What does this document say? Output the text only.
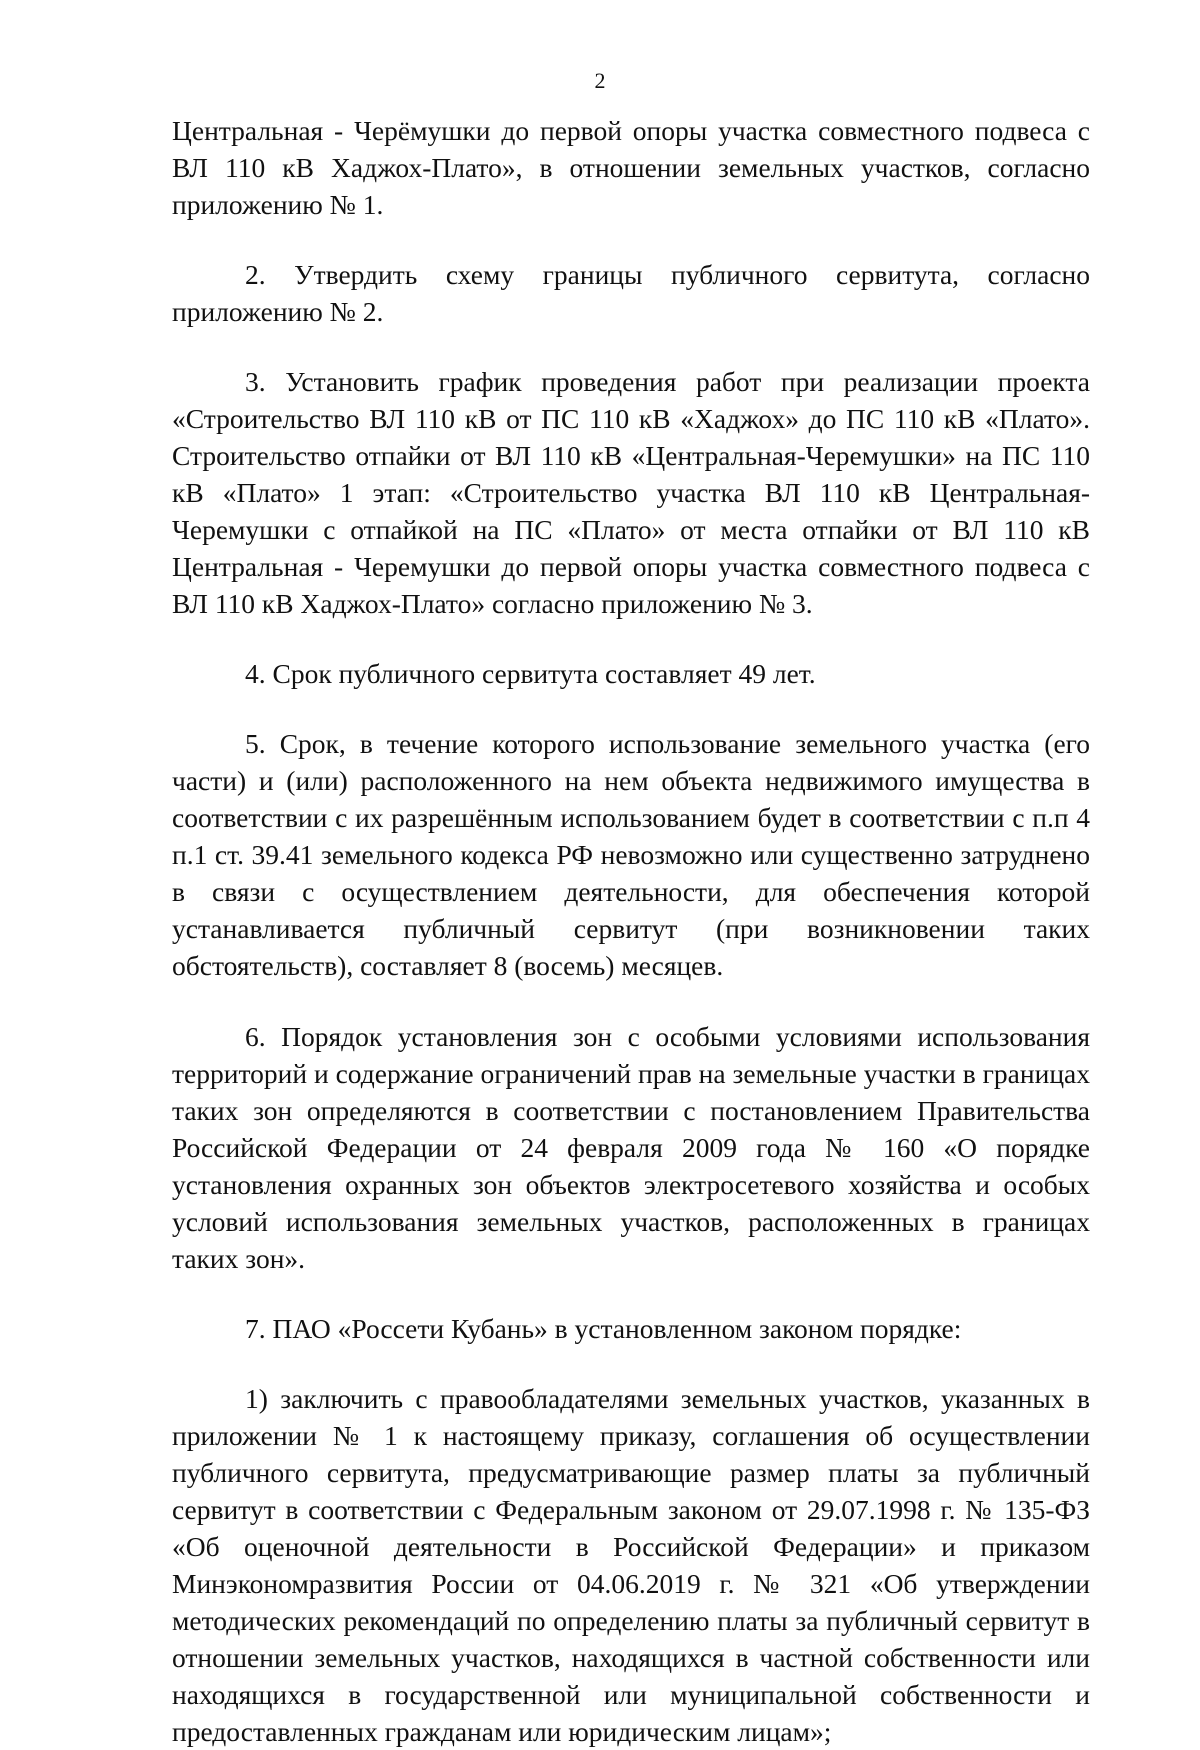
2

Центральная - Черёмушки до первой опоры участка совместного подвеса с ВЛ 110 кВ Хаджох-Плато», в отношении земельных участков, согласно приложению № 1.

2. Утвердить схему границы публичного сервитута, согласно приложению № 2.

3. Установить график проведения работ при реализации проекта «Строительство ВЛ 110 кВ от ПС 110 кВ «Хаджох» до ПС 110 кВ «Плато». Строительство отпайки от ВЛ 110 кВ «Центральная-Черемушки» на ПС 110 кВ «Плато» 1 этап: «Строительство участка ВЛ 110 кВ Центральная-Черемушки с отпайкой на ПС «Плато» от места отпайки от ВЛ 110 кВ Центральная - Черемушки до первой опоры участка совместного подвеса с ВЛ 110 кВ Хаджох-Плато» согласно приложению № 3.

4. Срок публичного сервитута составляет 49 лет.

5. Срок, в течение которого использование земельного участка (его части) и (или) расположенного на нем объекта недвижимого имущества в соответствии с их разрешённым использованием будет в соответствии с п.п 4 п.1 ст. 39.41 земельного кодекса РФ невозможно или существенно затруднено в связи с осуществлением деятельности, для обеспечения которой устанавливается публичный сервитут (при возникновении таких обстоятельств), составляет 8 (восемь) месяцев.

6. Порядок установления зон с особыми условиями использования территорий и содержание ограничений прав на земельные участки в границах таких зон определяются в соответствии с постановлением Правительства Российской Федерации от 24 февраля 2009 года № 160 «О порядке установления охранных зон объектов электросетевого хозяйства и особых условий использования земельных участков, расположенных в границах таких зон».

7. ПАО «Россети Кубань» в установленном законом порядке:

1) заключить с правообладателями земельных участков, указанных в приложении № 1 к настоящему приказу, соглашения об осуществлении публичного сервитута, предусматривающие размер платы за публичный сервитут в соответствии с Федеральным законом от 29.07.1998 г. № 135-ФЗ «Об оценочной деятельности в Российской Федерации» и приказом Минэкономразвития России от 04.06.2019 г. № 321 «Об утверждении методических рекомендаций по определению платы за публичный сервитут в отношении земельных участков, находящихся в частной собственности или находящихся в государственной или муниципальной собственности и предоставленных гражданам или юридическим лицам»;
